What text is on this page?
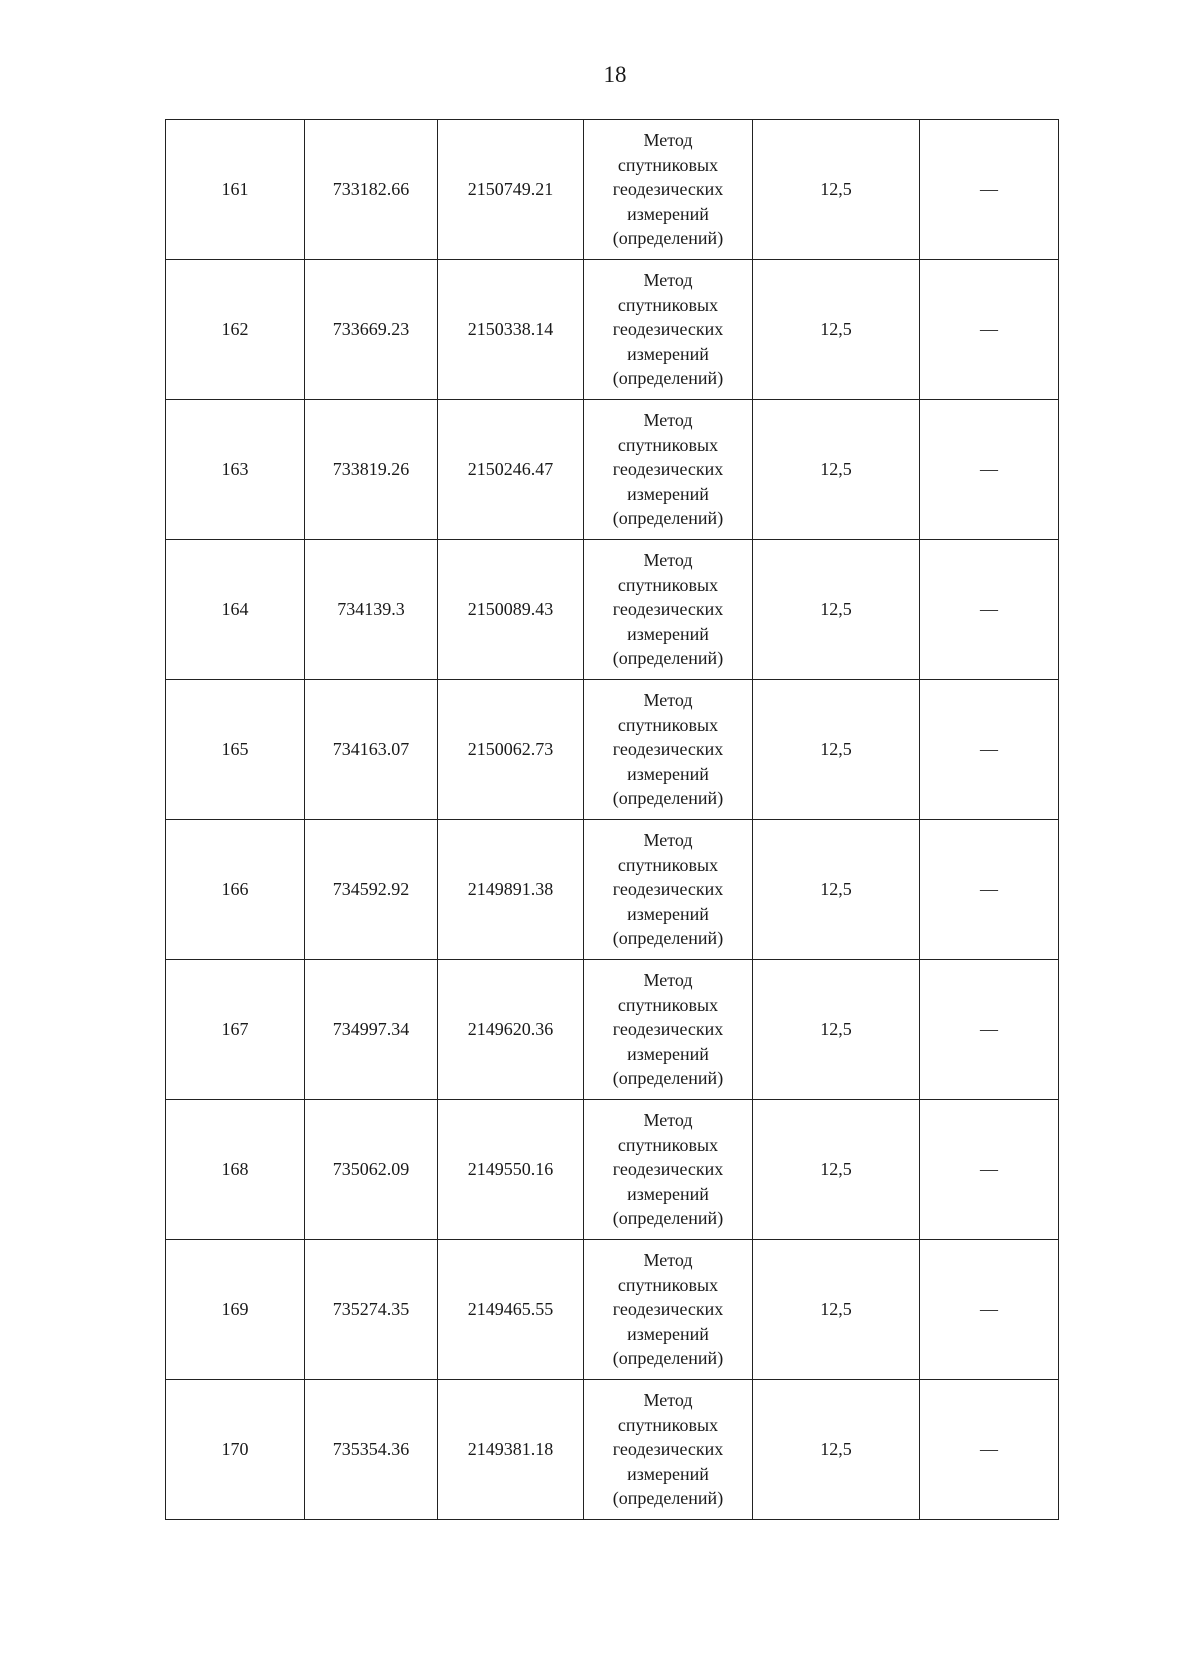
18
161	733182.66	2150749.21	Метод
спутниковых
геодезических
измерений
(определений)	12,5	—
162	733669.23	2150338.14	Метод
спутниковых
геодезических
измерений
(определений)	12,5	—
163	733819.26	2150246.47	Метод
спутниковых
геодезических
измерений
(определений)	12,5	—
164	734139.3	2150089.43	Метод
спутниковых
геодезических
измерений
(определений)	12,5	—
165	734163.07	2150062.73	Метод
спутниковых
геодезических
измерений
(определений)	12,5	—
166	734592.92	2149891.38	Метод
спутниковых
геодезических
измерений
(определений)	12,5	—
167	734997.34	2149620.36	Метод
спутниковых
геодезических
измерений
(определений)	12,5	—
168	735062.09	2149550.16	Метод
спутниковых
геодезических
измерений
(определений)	12,5	—
169	735274.35	2149465.55	Метод
спутниковых
геодезических
измерений
(определений)	12,5	—
170	735354.36	2149381.18	Метод
спутниковых
геодезических
измерений
(определений)	12,5	—
